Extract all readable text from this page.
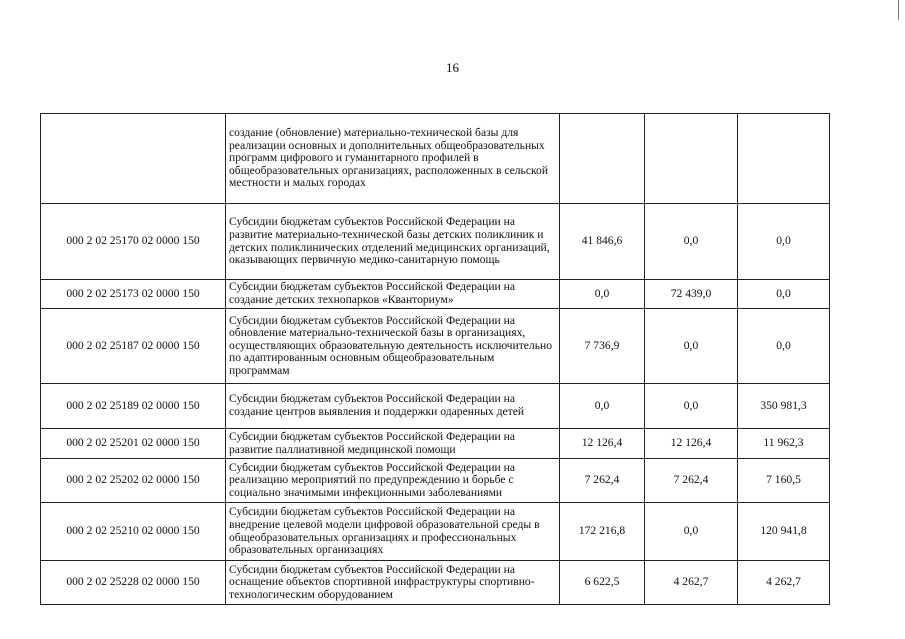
16
	создание (обновление) материально-технической базы для реализации основных и дополнительных общеобразовательных программ цифрового и гуманитарного профилей в общеобразовательных организациях, расположенных в сельской местности и малых городах			
000 2 02 25170 02 0000 150	Субсидии бюджетам субъектов Российской Федерации на развитие материально-технической базы детских поликлиник и детских поликлинических отделений медицинских организаций, оказывающих первичную медико-санитарную помощь	41 846,6	0,0	0,0
000 2 02 25173 02 0000 150	Субсидии бюджетам субъектов Российской Федерации на создание детских технопарков «Кванториум»	0,0	72 439,0	0,0
000 2 02 25187 02 0000 150	Субсидии бюджетам субъектов Российской Федерации на обновление материально-технической базы в организациях, осуществляющих образовательную деятельность исключительно по адаптированным основным общеобразовательным программам	7 736,9	0,0	0,0
000 2 02 25189 02 0000 150	Субсидии бюджетам субъектов Российской Федерации на создание центров выявления и поддержки одаренных детей	0,0	0,0	350 981,3
000 2 02 25201 02 0000 150	Субсидии бюджетам субъектов Российской Федерации на развитие паллиативной медицинской помощи	12 126,4	12 126,4	11 962,3
000 2 02 25202 02 0000 150	Субсидии бюджетам субъектов Российской Федерации на реализацию мероприятий по предупреждению и борьбе с социально значимыми инфекционными заболеваниями	7 262,4	7 262,4	7 160,5
000 2 02 25210 02 0000 150	Субсидии бюджетам субъектов Российской Федерации на внедрение целевой модели цифровой образовательной среды в общеобразовательных организациях и профессиональных образовательных организациях	172 216,8	0,0	120 941,8
000 2 02 25228 02 0000 150	Субсидии бюджетам субъектов Российской Федерации на оснащение объектов спортивной инфраструктуры спортивно-технологическим оборудованием	6 622,5	4 262,7	4 262,7
